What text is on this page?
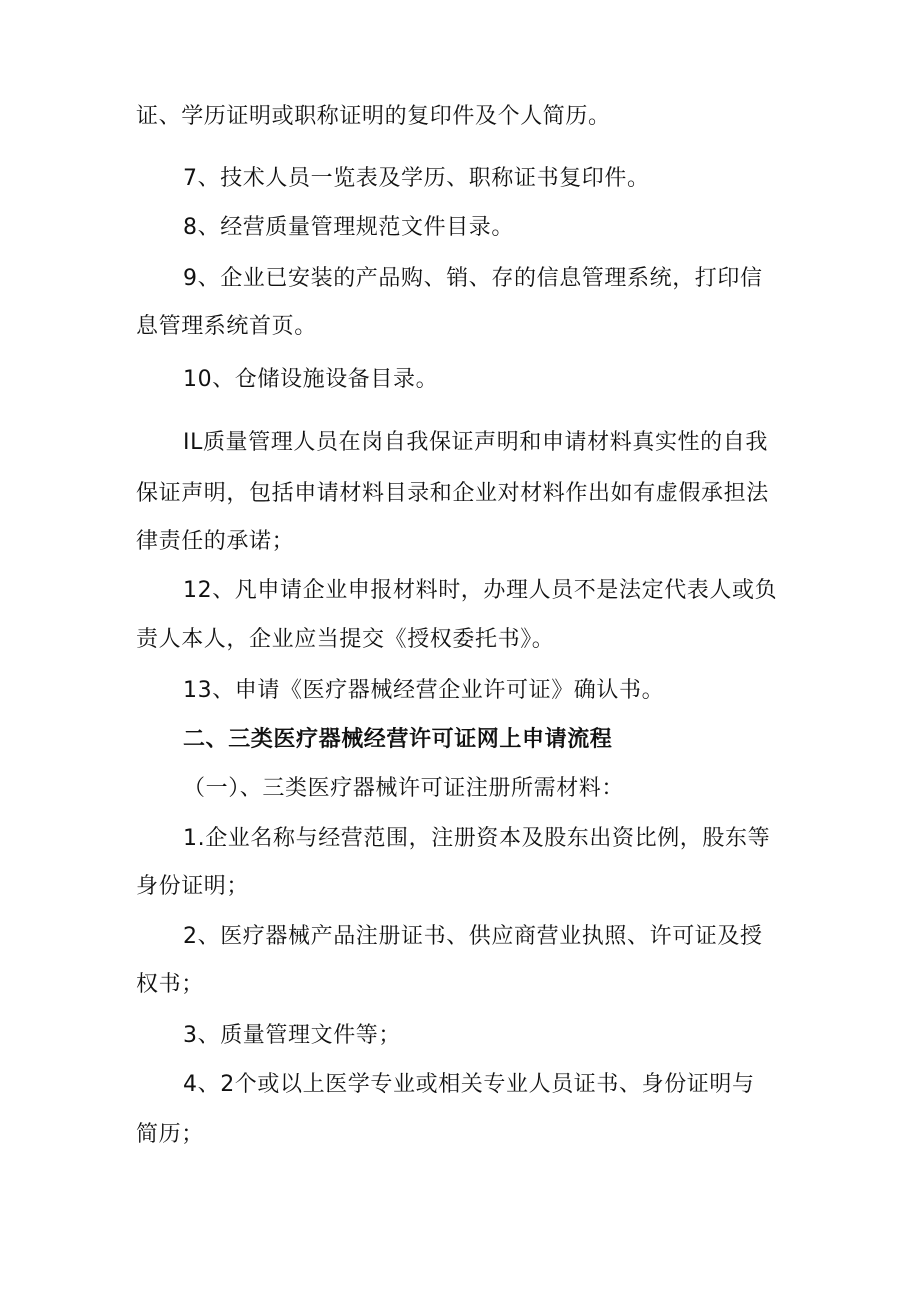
证、学历证明或职称证明的复印件及个人简历。
7、技术人员一览表及学历、职称证书复印件。
8、经营质量管理规范文件目录。
9、企业已安装的产品购、销、存的信息管理系统，打印信
息管理系统首页。
10、仓储设施设备目录。
IL质量管理人员在岗自我保证声明和申请材料真实性的自我
保证声明，包括申请材料目录和企业对材料作出如有虚假承担法
律责任的承诺；
12、凡申请企业申报材料时，办理人员不是法定代表人或负
责人本人，企业应当提交《授权委托书》。
13、申请《医疗器械经营企业许可证》确认书。
二、三类医疗器械经营许可证网上申请流程
（一）、三类医疗器械许可证注册所需材料：
1.企业名称与经营范围，注册资本及股东出资比例，股东等
身份证明；
2、医疗器械产品注册证书、供应商营业执照、许可证及授
权书；
3、质量管理文件等；
4、2个或以上医学专业或相关专业人员证书、身份证明与
简历；
